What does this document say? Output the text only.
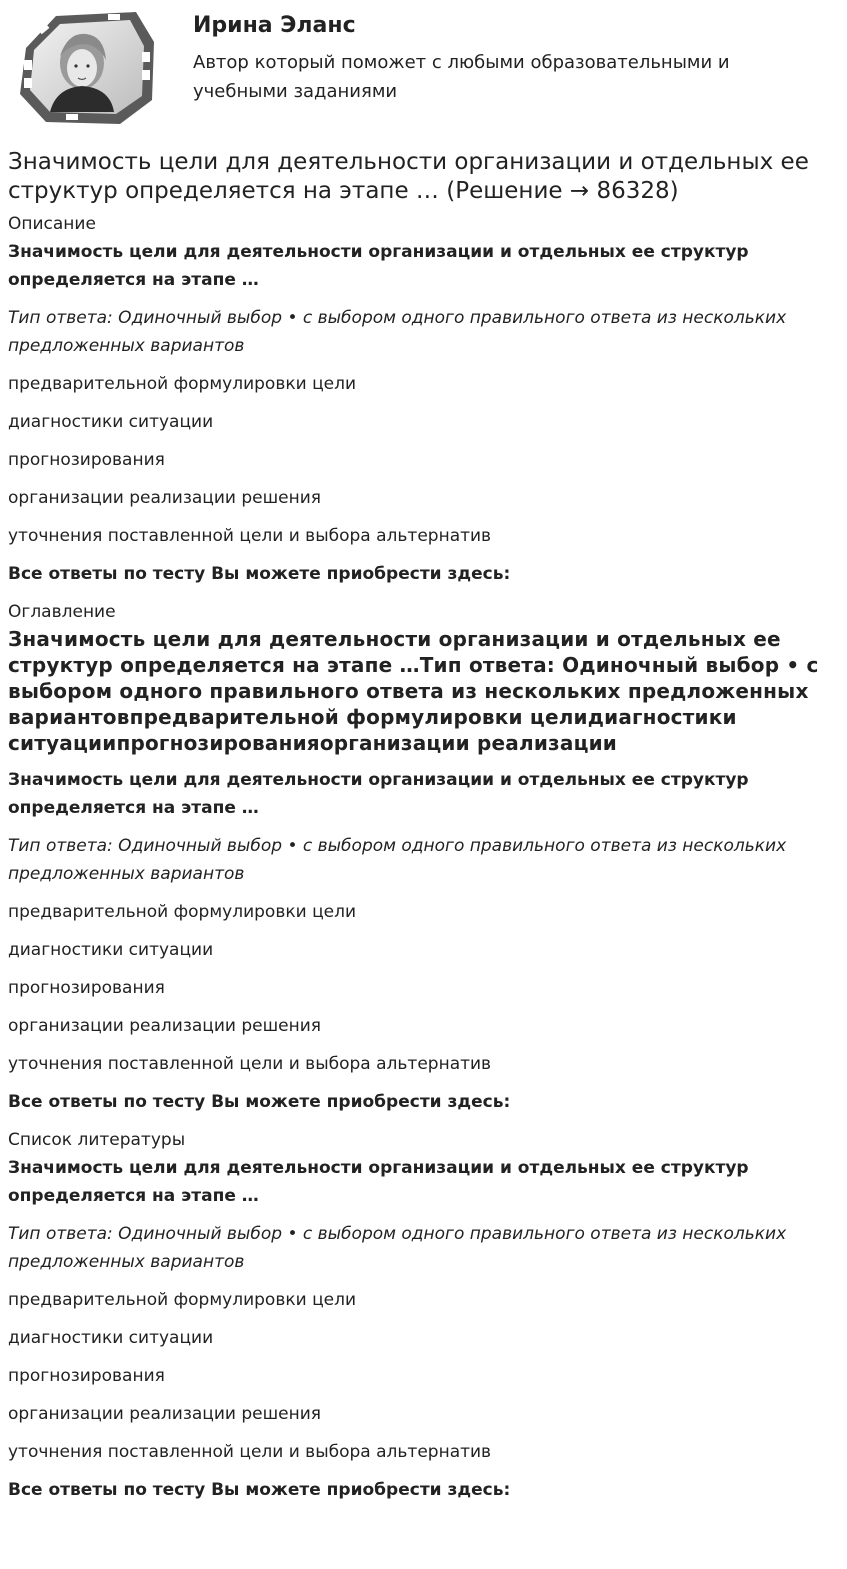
Ирина Эланс

Автор который поможет с любыми образовательными и учебными заданиями

Значимость цели для деятельности организации и отдельных ее структур определяется на этапе … (Решение → 86328)
Описание
Значимость цели для деятельности организации и отдельных ее структур определяется на этапе …
Тип ответа: Одиночный выбор • с выбором одного правильного ответа из нескольких предложенных вариантов
предварительной формулировки цели
диагностики ситуации
прогнозирования
организации реализации решения
уточнения поставленной цели и выбора альтернатив
Все ответы по тесту Вы можете приобрести здесь:
Оглавление
Значимость цели для деятельности организации и отдельных ее структур определяется на этапе …Тип ответа: Одиночный выбор • с выбором одного правильного ответа из нескольких предложенных вариантовпредварительной формулировки целидиагностики ситуациипрогнозированияорганизации реализации
Значимость цели для деятельности организации и отдельных ее структур определяется на этапе …
Тип ответа: Одиночный выбор • с выбором одного правильного ответа из нескольких предложенных вариантов
предварительной формулировки цели
диагностики ситуации
прогнозирования
организации реализации решения
уточнения поставленной цели и выбора альтернатив
Все ответы по тесту Вы можете приобрести здесь:
Список литературы
Значимость цели для деятельности организации и отдельных ее структур определяется на этапе …
Тип ответа: Одиночный выбор • с выбором одного правильного ответа из нескольких предложенных вариантов
предварительной формулировки цели
диагностики ситуации
прогнозирования
организации реализации решения
уточнения поставленной цели и выбора альтернатив
Все ответы по тесту Вы можете приобрести здесь:
